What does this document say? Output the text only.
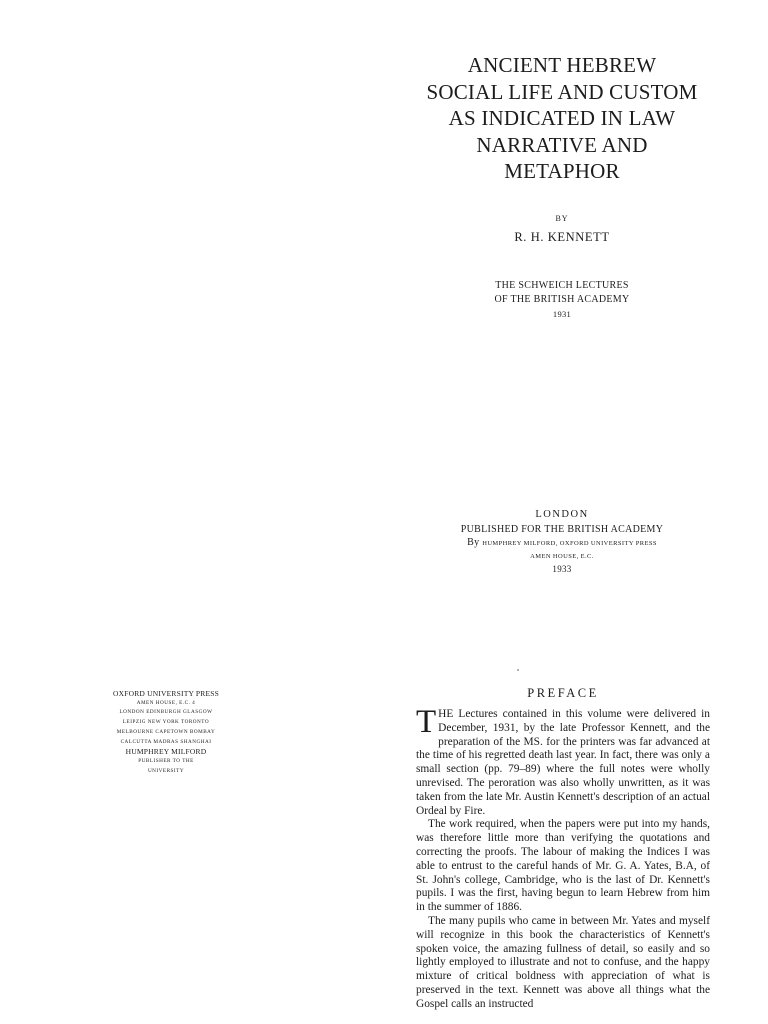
ANCIENT HEBREW
SOCIAL LIFE AND CUSTOM
AS INDICATED IN LAW
NARRATIVE AND
METAPHOR
BY
R. H. KENNETT
THE SCHWEICH LECTURES
OF THE BRITISH ACADEMY
1931
LONDON
PUBLISHED FOR THE BRITISH ACADEMY
By HUMPHREY MILFORD, OXFORD UNIVERSITY PRESS
AMEN HOUSE, E.C.
1933
OXFORD UNIVERSITY PRESS
AMEN HOUSE, E.C. 4
LONDON EDINBURGH GLASGOW
LEIPZIG NEW YORK TORONTO
MELBOURNE CAPETOWN BOMBAY
CALCUTTA MADRAS SHANGHAI
HUMPHREY MILFORD
PUBLISHER TO THE
UNIVERSITY
PREFACE

THE Lectures contained in this volume were delivered in December, 1931, by the late Professor Kennett, and the preparation of the MS. for the printers was far advanced at the time of his regretted death last year. In fact, there was only a small section (pp. 79–89) where the full notes were wholly unrevised. The peroration was also wholly unwritten, as it was taken from the late Mr. Austin Kennett's description of an actual Ordeal by Fire.

The work required, when the papers were put into my hands, was therefore little more than verifying the quotations and correcting the proofs. The labour of making the Indices I was able to entrust to the careful hands of Mr. G. A. Yates, B.A, of St. John's college, Cambridge, who is the last of Dr. Kennett's pupils. I was the first, having begun to learn Hebrew from him in the summer of 1886.

The many pupils who came in between Mr. Yates and myself will recognize in this book the characteristics of Kennett's spoken voice, the amazing fullness of detail, so easily and so lightly employed to illustrate and not to confuse, and the happy mixture of critical boldness with appreciation of what is preserved in the text. Kennett was above all things what the Gospel calls an instructed
